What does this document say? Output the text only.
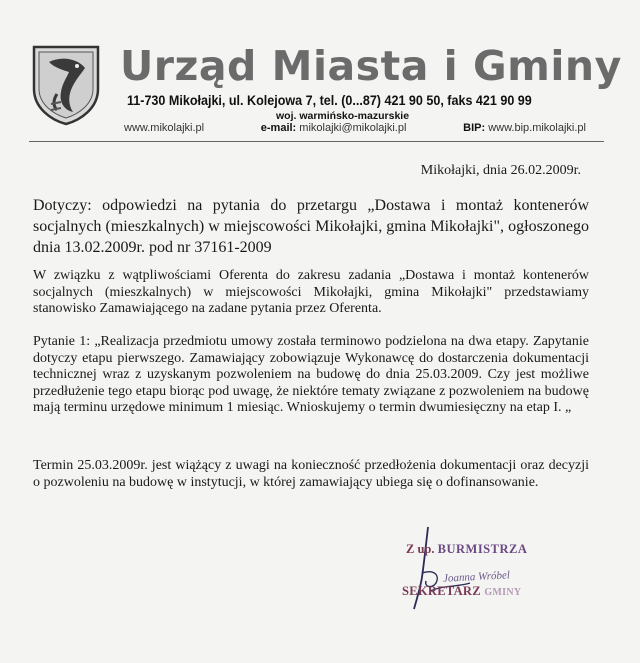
Urząd Miasta i Gminy
11-730 Mikołajki, ul. Kolejowa 7, tel. (0...87) 421 90 50, faks 421 90 99
woj. warmińsko-mazurskie
www.mikolajki.pl	e-mail: mikolajki@mikolajki.pl	BIP: www.bip.mikolajki.pl
Mikołajki, dnia 26.02.2009r.
Dotyczy: odpowiedzi na pytania do przetargu „Dostawa i montaż kontenerów socjalnych (mieszkalnych) w miejscowości Mikołajki, gmina Mikołajki", ogłoszonego dnia 13.02.2009r. pod nr 37161-2009
W związku z wątpliwościami Oferenta do zakresu zadania „Dostawa i montaż kontenerów socjalnych (mieszkalnych) w miejscowości Mikołajki, gmina Mikołajki" przedstawiamy stanowisko Zamawiającego na zadane pytania przez Oferenta.
Pytanie 1: „Realizacja przedmiotu umowy została terminowo podzielona na dwa etapy. Zapytanie dotyczy etapu pierwszego. Zamawiający zobowiązuje Wykonawcę do dostarczenia dokumentacji technicznej wraz z uzyskanym pozwoleniem na budowę do dnia 25.03.2009. Czy jest możliwe przedłużenie tego etapu biorąc pod uwagę, że niektóre tematy związane z pozwoleniem na budowę mają terminu urzędowe minimum 1 miesiąc. Wnioskujemy o termin dwumiesięczny na etap I. „
Termin 25.03.2009r. jest wiążący z uwagi na konieczność przedłożenia dokumentacji oraz decyzji o pozwoleniu na budowę w instytucji, w której zamawiający ubiega się o dofinansowanie.
Z up. BURMISTRZA
Joanna Wróbel
SEKRETARZ GMINY
